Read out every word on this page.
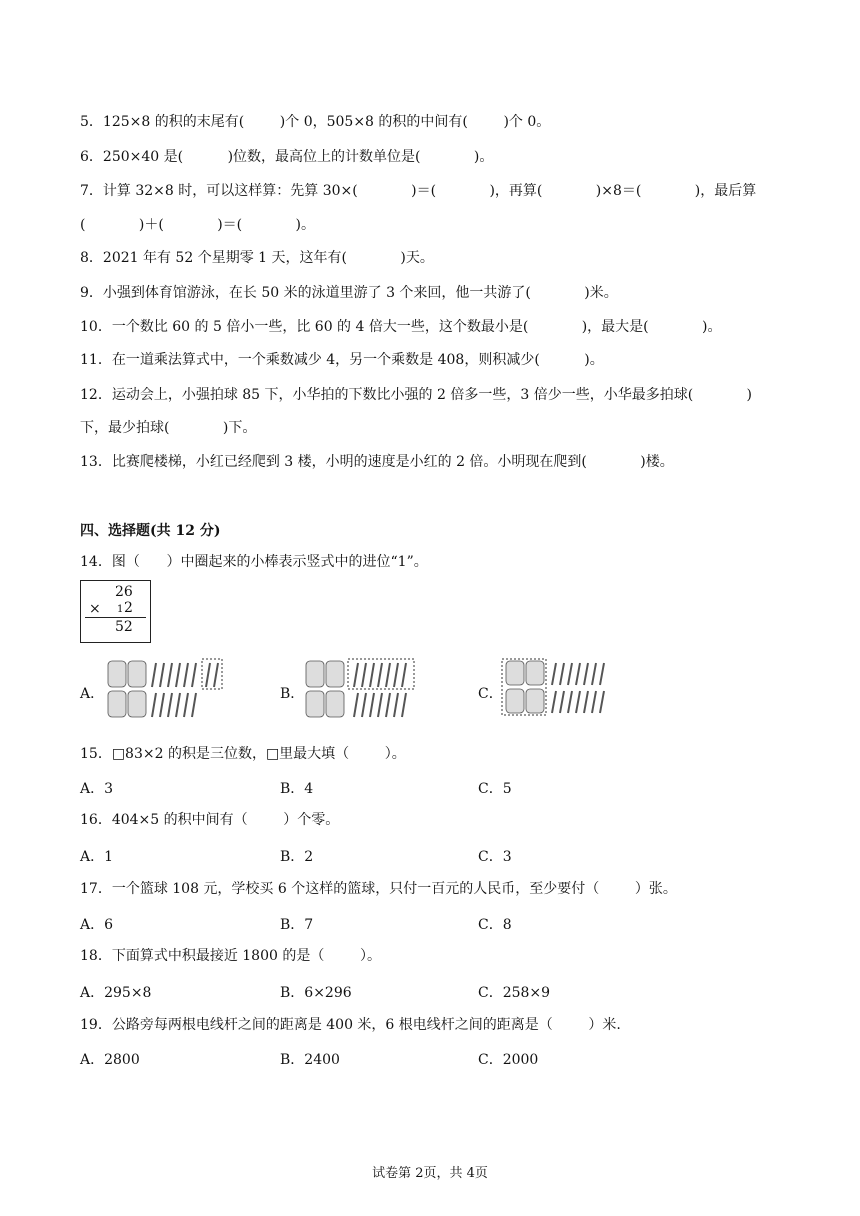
5．125×8 的积的末尾有(        )个 0，505×8 的积的中间有(        )个 0。
6．250×40 是(          )位数，最高位上的计数单位是(            )。
7．计算 32×8 时，可以这样算：先算 30×(            )＝(            )，再算(            )×8＝(            )，最后算
(            )＋(            )＝(            )。
8．2021 年有 52 个星期零 1 天，这年有(            )天。
9．小强到体育馆游泳，在长 50 米的泳道里游了 3 个来回，他一共游了(            )米。
10．一个数比 60 的 5 倍小一些，比 60 的 4 倍大一些，这个数最小是(            )，最大是(            )。
11．在一道乘法算式中，一个乘数减少 4，另一个乘数是 408，则积减少(          )。
12．运动会上，小强拍球 85 下，小华拍的下数比小强的 2 倍多一些，3 倍少一些，小华最多拍球(            )
下，最少拍球(            )下。
13．比赛爬楼梯，小红已经爬到 3 楼，小明的速度是小红的 2 倍。小明现在爬到(            )楼。
四、选择题(共 12 分)
14．图（      ）中圈起来的小棒表示竖式中的进位“1”。
26
× 1 2
52
A．	B．	C．
15．□83×2 的积是三位数，□里最大填（        ）。
A．3	B．4	C．5
16．404×5 的积中间有（        ）个零。
A．1	B．2	C．3
17．一个篮球 108 元，学校买 6 个这样的篮球，只付一百元的人民币，至少要付（        ）张。
A．6	B．7	C．8
18．下面算式中积最接近 1800 的是（        ）。
A．295×8	B．6×296	C．258×9
19．公路旁每两根电线杆之间的距离是 400 米，6 根电线杆之间的距离是（        ）米.
A．2800	B．2400	C．2000
试卷第 2页，共 4页
